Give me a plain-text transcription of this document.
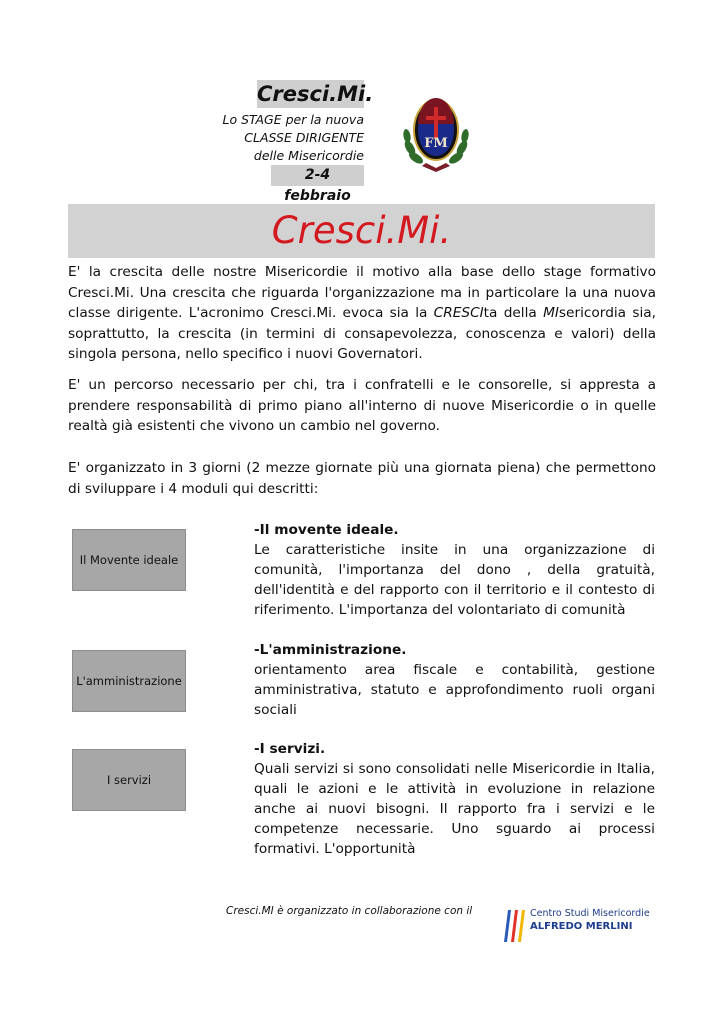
Cresci.Mi.
Lo STAGE per la nuova
CLASSE DIRIGENTE
delle Misericordie
2-4 febbraio
FM
Cresci.Mi.

E' la crescita delle nostre Misericordie il motivo alla base dello stage formativo Cresci.Mi. Una crescita che riguarda l'organizzazione ma in particolare la una nuova classe dirigente. L'acronimo Cresci.Mi. evoca sia la CRESCIta della MIsericordia sia, soprattutto, la crescita (in termini di consapevolezza, conoscenza e valori) della singola persona, nello specifico i nuovi Governatori.

E' un percorso necessario per chi, tra i confratelli e le consorelle, si appresta a prendere responsabilità di primo piano all'interno di nuove Misericordie o in quelle realtà già esistenti che vivono un cambio nel governo.

E' organizzato in 3 giorni (2 mezze giornate più una giornata piena) che permettono di sviluppare i 4 moduli qui descritti:

Il Movente ideale
-Il movente ideale.
Le caratteristiche insite in una organizzazione di comunità, l'importanza del dono , della gratuità, dell'identità e del rapporto con il territorio e il contesto di riferimento. L'importanza del volontariato di comunità
L'amministrazione
-L'amministrazione.
orientamento area fiscale e contabilità, gestione amministrativa, statuto e approfondimento ruoli organi sociali
I servizi
-I servizi.
Quali servizi si sono consolidati nelle Misericordie in Italia, quali le azioni e le attività in evoluzione in relazione anche ai nuovi bisogni. Il rapporto fra i servizi e le competenze necessarie. Uno sguardo ai processi formativi. L'opportunità
Cresci.MI è organizzato in collaborazione con il	Centro Studi Misericordie
ALFREDO MERLINI
